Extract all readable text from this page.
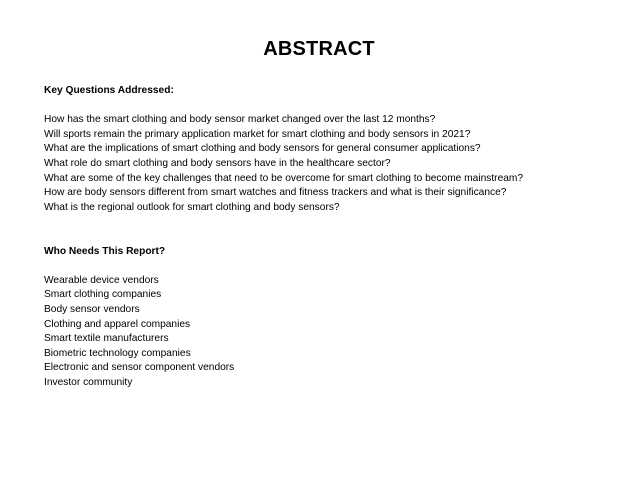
ABSTRACT

Key Questions Addressed:

How has the smart clothing and body sensor market changed over the last 12 months?

Will sports remain the primary application market for smart clothing and body sensors in 2021?

What are the implications of smart clothing and body sensors for general consumer applications?

What role do smart clothing and body sensors have in the healthcare sector?

What are some of the key challenges that need to be overcome for smart clothing to become mainstream?

How are body sensors different from smart watches and fitness trackers and what is their significance?

What is the regional outlook for smart clothing and body sensors?

Who Needs This Report?

Wearable device vendors

Smart clothing companies

Body sensor vendors

Clothing and apparel companies

Smart textile manufacturers

Biometric technology companies

Electronic and sensor component vendors

Investor community
